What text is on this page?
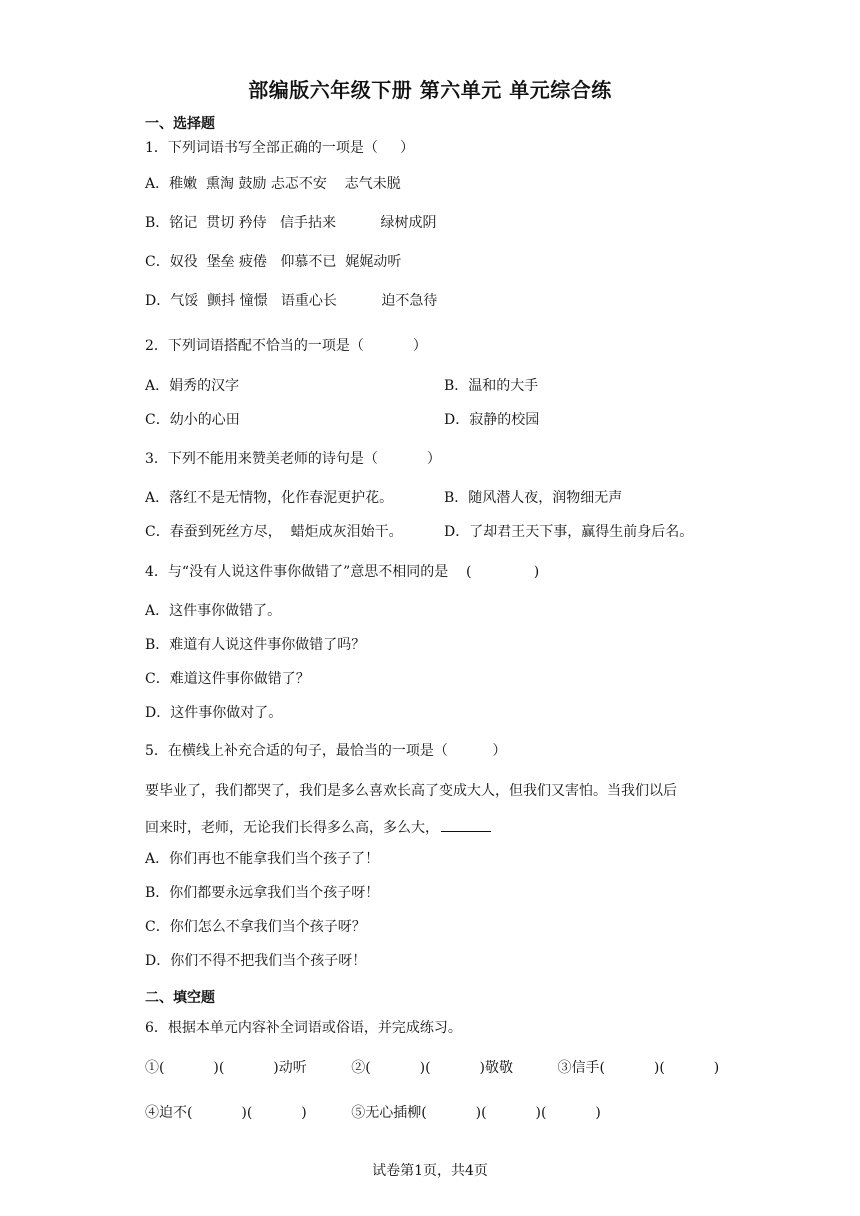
部编版六年级下册 第六单元 单元综合练
一、选择题
1．下列词语书写全部正确的一项是（     ）
A．稚嫩  熏淘 鼓励 忐忑不安    志气未脱
B．铭记  贯切 矜侍   信手拈来          绿树成阴
C．奴役  堡垒 疲倦   仰慕不已  娓娓动听
D．气馁  颤抖 憧憬   语重心长          迫不急待
2．下列词语搭配不恰当的一项是（           ）
A．娟秀的汉字	B．温和的大手
C．幼小的心田	D．寂静的校园
3．下列不能用来赞美老师的诗句是（           ）
A．落红不是无情物，化作春泥更护花。	B．随风潜人夜，润物细无声
C．春蚕到死丝方尽，  蜡炬成灰泪始干。	D．了却君王天下事，赢得生前身后名。
4．与“没有人说这件事你做错了”意思不相同的是    (              )
A．这件事你做错了。
B．难道有人说这件事你做错了吗？
C．难道这件事你做错了？
D．这件事你做对了。
5．在横线上补充合适的句子，最恰当的一项是（          ）
要毕业了，我们都哭了，我们是多么喜欢长高了变成大人，但我们又害怕。当我们以后
回来时，老师，无论我们长得多么高，多么大，
A．你们再也不能拿我们当个孩子了！
B．你们都要永远拿我们当个孩子呀！
C．你们怎么不拿我们当个孩子呀？
D．你们不得不把我们当个孩子呀！
二、填空题
6．根据本单元内容补全词语或俗语，并完成练习。
①(           )(           )动听          ②(           )(           )敬敬          ③信手(           )(           )
④迫不(           )(           )          ⑤无心插柳(           )(           )(           )
试卷第1页，共4页
